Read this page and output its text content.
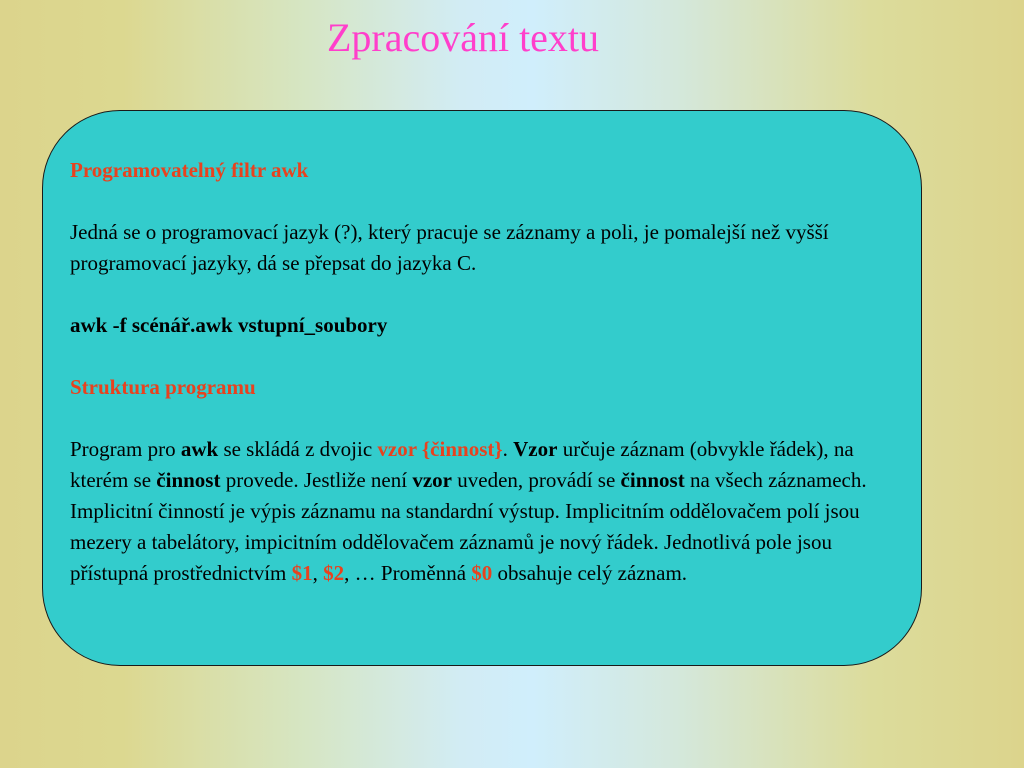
Zpracování textu

Programovatelný filtr awk

Jedná se o programovací jazyk (?), který pracuje se záznamy a poli, je pomalejší než vyšší programovací jazyky, dá se přepsat do jazyka C.

awk -f scénář.awk vstupní_soubory

Struktura programu

Program pro awk se skládá z dvojic vzor {činnost}. Vzor určuje záznam (obvykle řádek), na kterém se činnost provede. Jestliže není vzor uveden, provádí se činnost na všech záznamech. Implicitní činností je výpis záznamu na standardní výstup. Implicitním oddělovačem polí jsou mezery a tabelátory, impicitním oddělovačem záznamů je nový řádek. Jednotlivá pole jsou přístupná prostřednictvím $1, $2, … Proměnná $0 obsahuje celý záznam.
